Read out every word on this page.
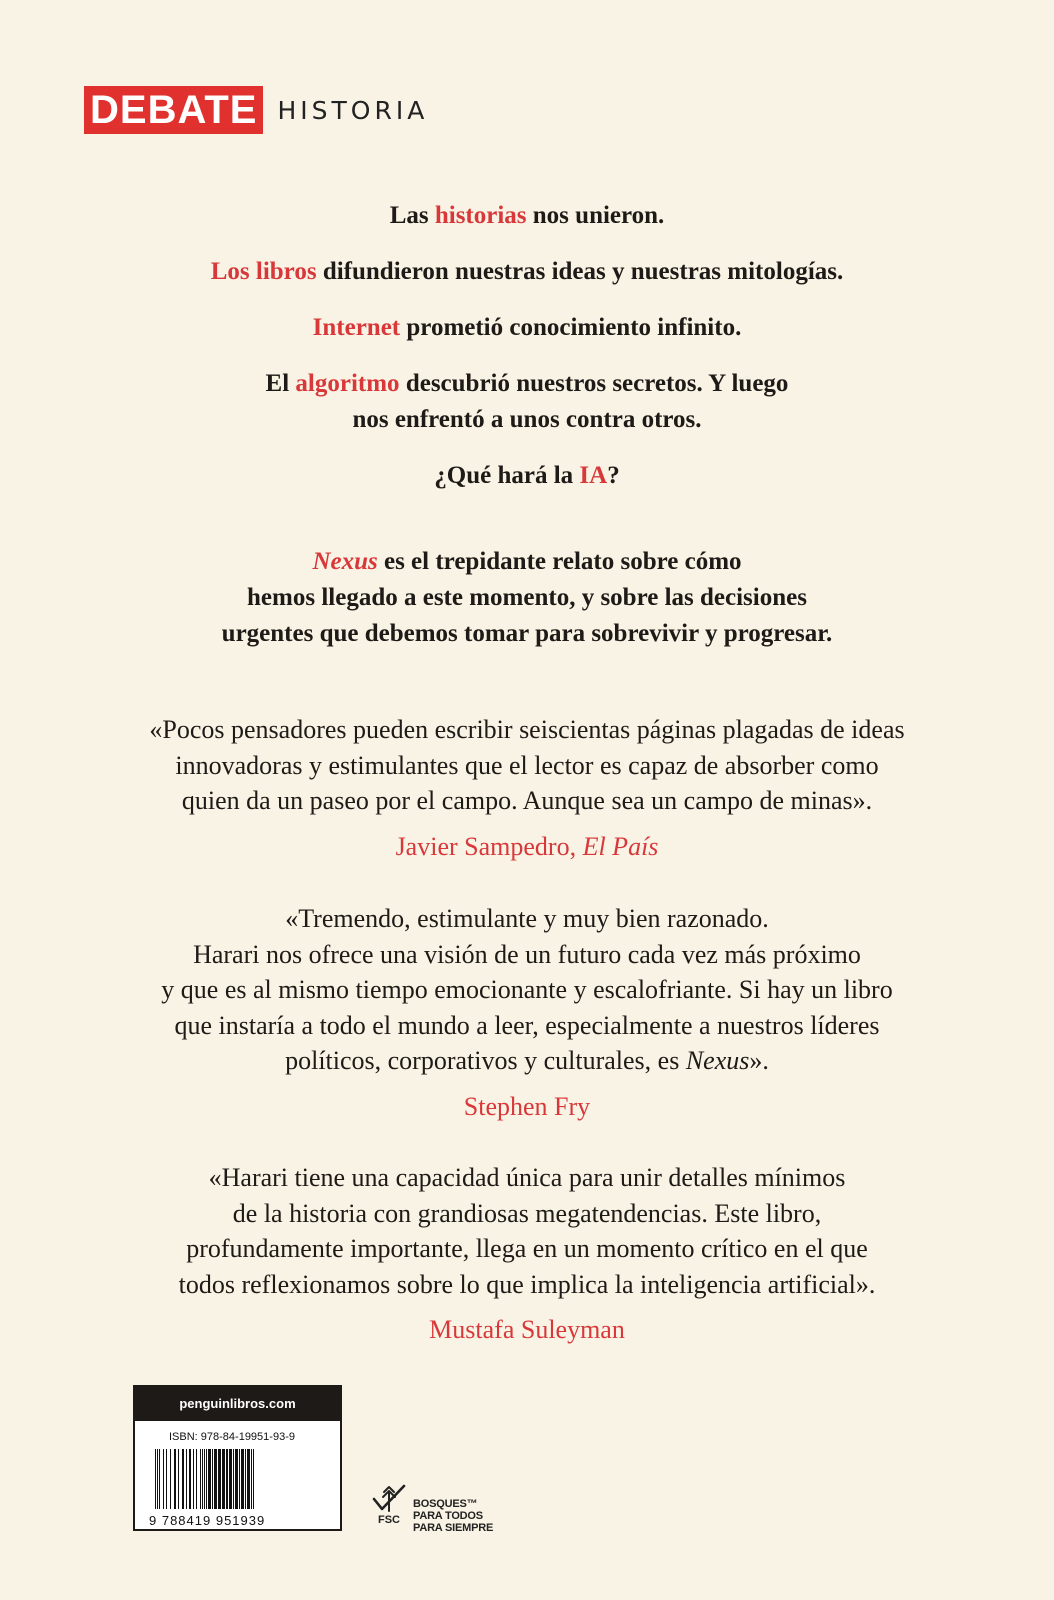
DEBATE HISTORIA
Las historias nos unieron.
Los libros difundieron nuestras ideas y nuestras mitologías.
Internet prometió conocimiento infinito.
El algoritmo descubrió nuestros secretos. Y luego
nos enfrentó a unos contra otros.
¿Qué hará la IA?
Nexus es el trepidante relato sobre cómo
hemos llegado a este momento, y sobre las decisiones
urgentes que debemos tomar para sobrevivir y progresar.
«Pocos pensadores pueden escribir seiscientas páginas plagadas de ideas
innovadoras y estimulantes que el lector es capaz de absorber como
quien da un paseo por el campo. Aunque sea un campo de minas».
Javier Sampedro, El País
«Tremendo, estimulante y muy bien razonado.
Harari nos ofrece una visión de un futuro cada vez más próximo
y que es al mismo tiempo emocionante y escalofriante. Si hay un libro
que instaría a todo el mundo a leer, especialmente a nuestros líderes
políticos, corporativos y culturales, es Nexus».
Stephen Fry
«Harari tiene una capacidad única para unir detalles mínimos
de la historia con grandiosas megatendencias. Este libro,
profundamente importante, llega en un momento crítico en el que
todos reflexionamos sobre lo que implica la inteligencia artificial».
Mustafa Suleyman
penguinlibros.com
ISBN: 978-84-19951-93-9
9 788419 951939	FSC
BOSQUES™
PARA TODOS
PARA SIEMPRE
